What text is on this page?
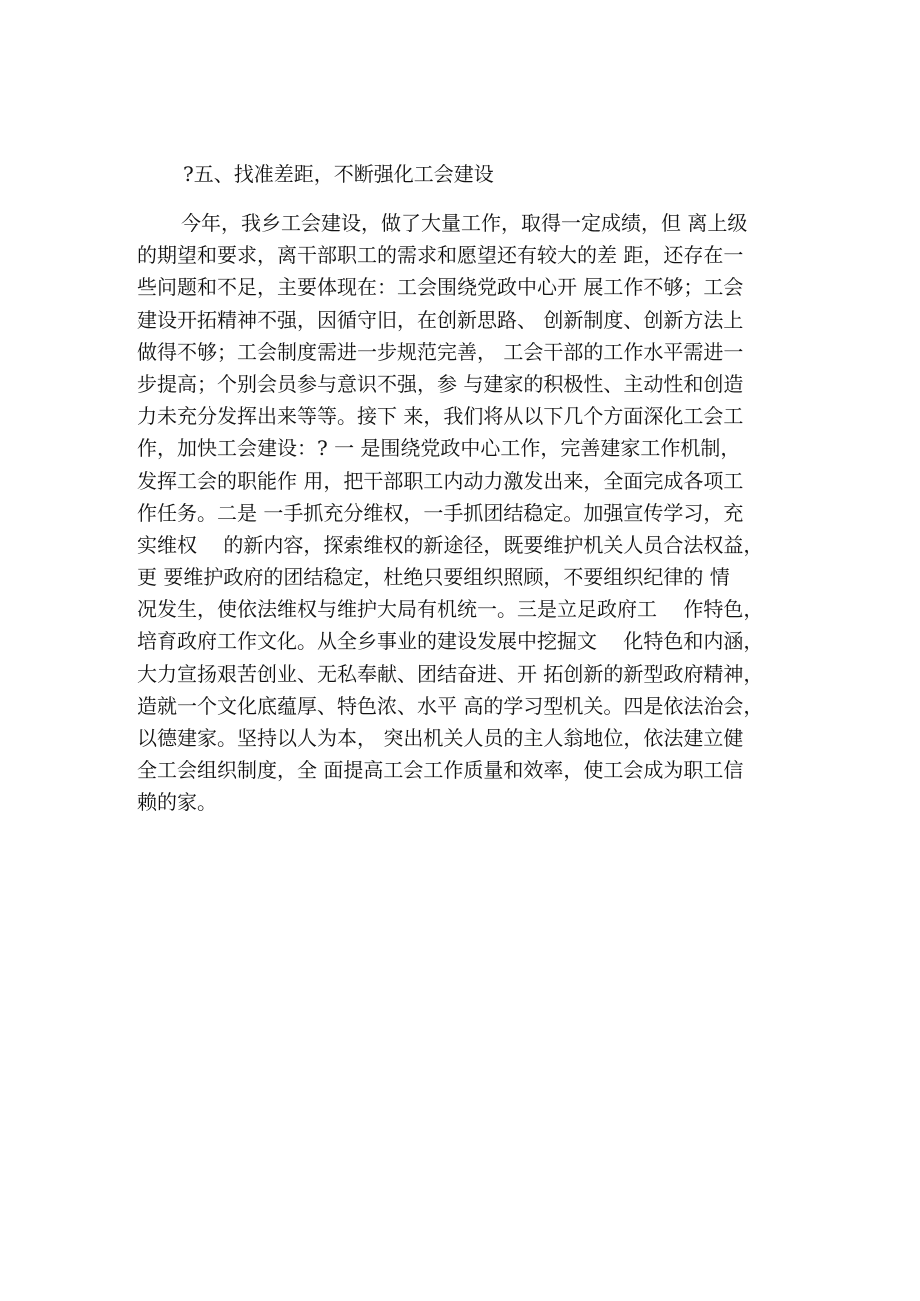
?五、找准差距，不断强化工会建设
今年，我乡工会建设，做了大量工作，取得一定成绩，但 离上级
的期望和要求，离干部职工的需求和愿望还有较大的差 距，还存在一
些问题和不足，主要体现在：工会围绕党政中心开 展工作不够；工会
建设开拓精神不强，因循守旧，在创新思路、 创新制度、创新方法上
做得不够；工会制度需进一步规范完善， 工会干部的工作水平需进一
步提高；个别会员参与意识不强，参 与建家的积极性、主动性和创造
力未充分发挥出来等等。接下 来，我们将从以下几个方面深化工会工
作，加快工会建设：? 一 是围绕党政中心工作，完善建家工作机制，
发挥工会的职能作 用，把干部职工内动力激发出来，全面完成各项工
作任务。二是 一手抓充分维权，一手抓团结稳定。加强宣传学习，充
实维权　 的新内容，探索维权的新途径，既要维护机关人员合法权益，
更 要维护政府的团结稳定，杜绝只要组织照顾，不要组织纪律的 情
况发生，使依法维权与维护大局有机统一。三是立足政府工　 作特色，
培育政府工作文化。从全乡事业的建设发展中挖掘文　 化特色和内涵，
大力宣扬艰苦创业、无私奉献、团结奋进、开 拓创新的新型政府精神，
造就一个文化底蕴厚、特色浓、水平 高的学习型机关。四是依法治会，
以德建家。坚持以人为本， 突出机关人员的主人翁地位，依法建立健
全工会组织制度，全 面提高工会工作质量和效率，使工会成为职工信
赖的家。
